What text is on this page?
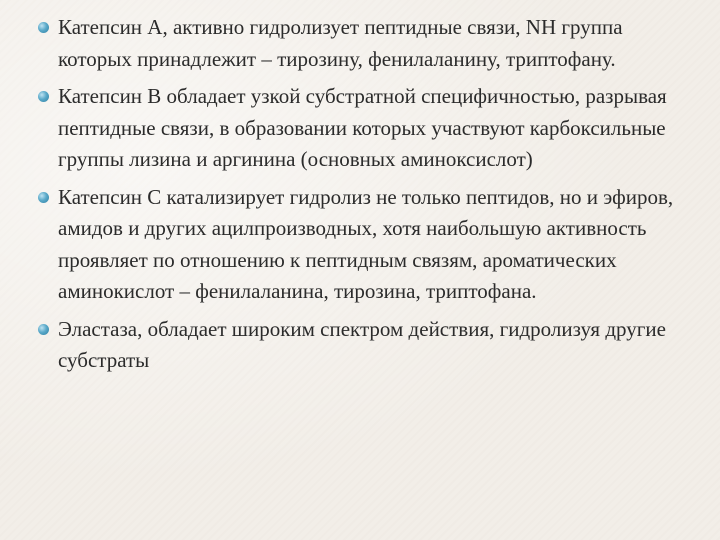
Катепсин А, активно гидролизует пептидные связи, NH группа которых принадлежит – тирозину, фенилаланину, триптофану.
Катепсин В обладает узкой субстратной специфичностью, разрывая пептидные связи, в образовании которых участвуют карбоксильные группы лизина и аргинина (основных аминоксислот)
Катепсин С катализирует гидролиз не только пептидов, но и эфиров, амидов и других ацилпроизводных, хотя наибольшую активность проявляет по отношению к пептидным связям, ароматических аминокислот – фенилаланина, тирозина, триптофана.
Эластаза, обладает широким спектром действия, гидролизуя другие субстраты
